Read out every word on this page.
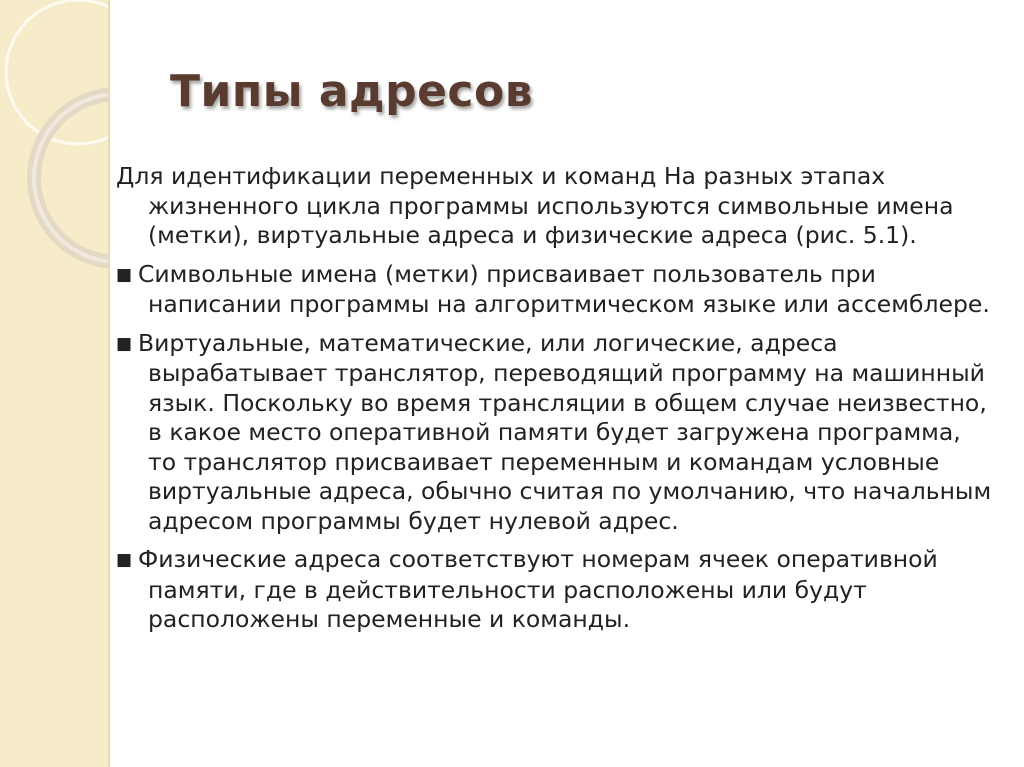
Типы адресов
Для идентификации переменных и команд На разных этапах жизненного цикла программы используются символьные имена (метки), виртуальные адреса и физические адреса (рис. 5.1).
■ Символьные имена (метки) присваивает пользователь при написании программы на алгоритмическом языке или ассемблере.
■ Виртуальные, математические, или логические, адреса вырабатывает транслятор, переводящий программу на машинный язык. Поскольку во время трансляции в общем случае неизвестно, в какое место оперативной памяти будет загружена программа, то транслятор присваивает переменным и командам условные виртуальные адреса, обычно считая по умолчанию, что начальным адресом программы будет нулевой адрес.
■ Физические адреса соответствуют номерам ячеек оперативной памяти, где в действительности расположены или будут расположены переменные и команды.
